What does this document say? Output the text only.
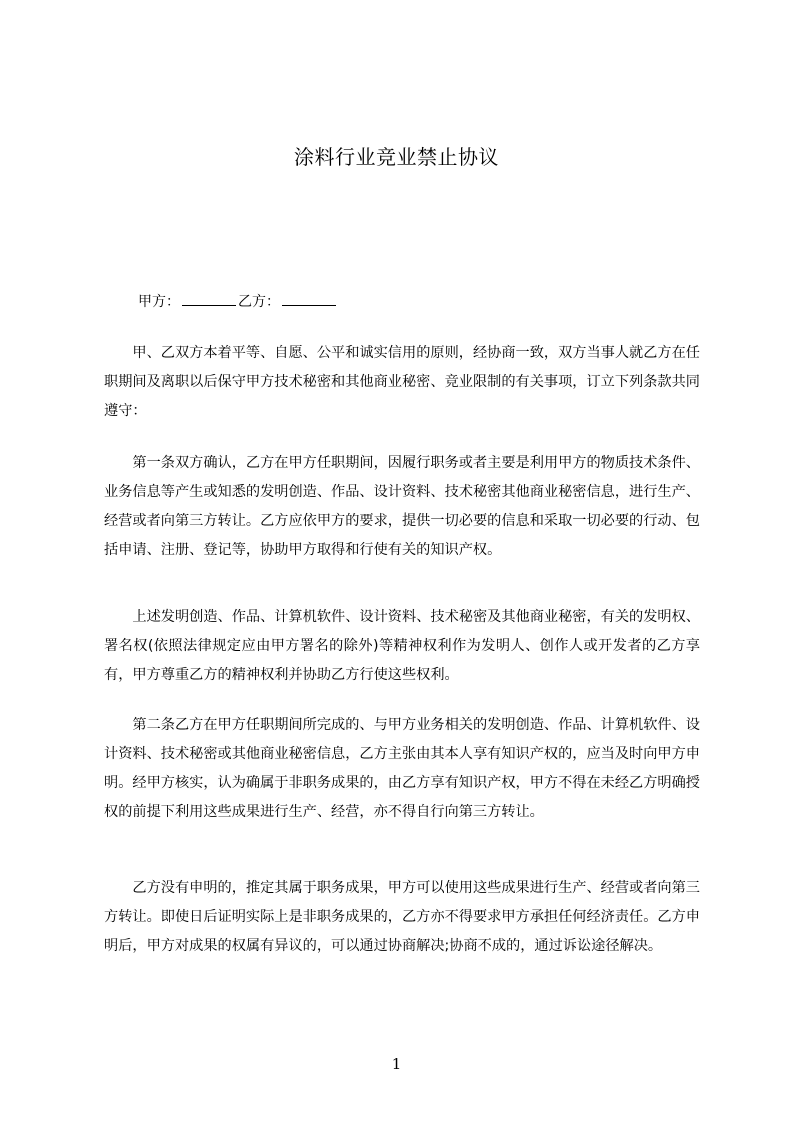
涂料行业竞业禁止协议
甲方：	乙方：

甲、乙双方本着平等、自愿、公平和诚实信用的原则，经协商一致，双方当事人就乙方在任职期间及离职以后保守甲方技术秘密和其他商业秘密、竞业限制的有关事项，订立下列条款共同遵守：

第一条双方确认，乙方在甲方任职期间，因履行职务或者主要是利用甲方的物质技术条件、业务信息等产生或知悉的发明创造、作品、设计资料、技术秘密其他商业秘密信息，进行生产、经营或者向第三方转让。乙方应依甲方的要求，提供一切必要的信息和采取一切必要的行动、包括申请、注册、登记等，协助甲方取得和行使有关的知识产权。

上述发明创造、作品、计算机软件、设计资料、技术秘密及其他商业秘密，有关的发明权、署名权(依照法律规定应由甲方署名的除外)等精神权利作为发明人、创作人或开发者的乙方享有，甲方尊重乙方的精神权利并协助乙方行使这些权利。

第二条乙方在甲方任职期间所完成的、与甲方业务相关的发明创造、作品、计算机软件、设计资料、技术秘密或其他商业秘密信息，乙方主张由其本人享有知识产权的，应当及时向甲方申明。经甲方核实，认为确属于非职务成果的，由乙方享有知识产权，甲方不得在未经乙方明确授权的前提下利用这些成果进行生产、经营，亦不得自行向第三方转让。

乙方没有申明的，推定其属于职务成果，甲方可以使用这些成果进行生产、经营或者向第三方转让。即使日后证明实际上是非职务成果的，乙方亦不得要求甲方承担任何经济责任。乙方申明后，甲方对成果的权属有异议的，可以通过协商解决;协商不成的，通过诉讼途径解决。

1
